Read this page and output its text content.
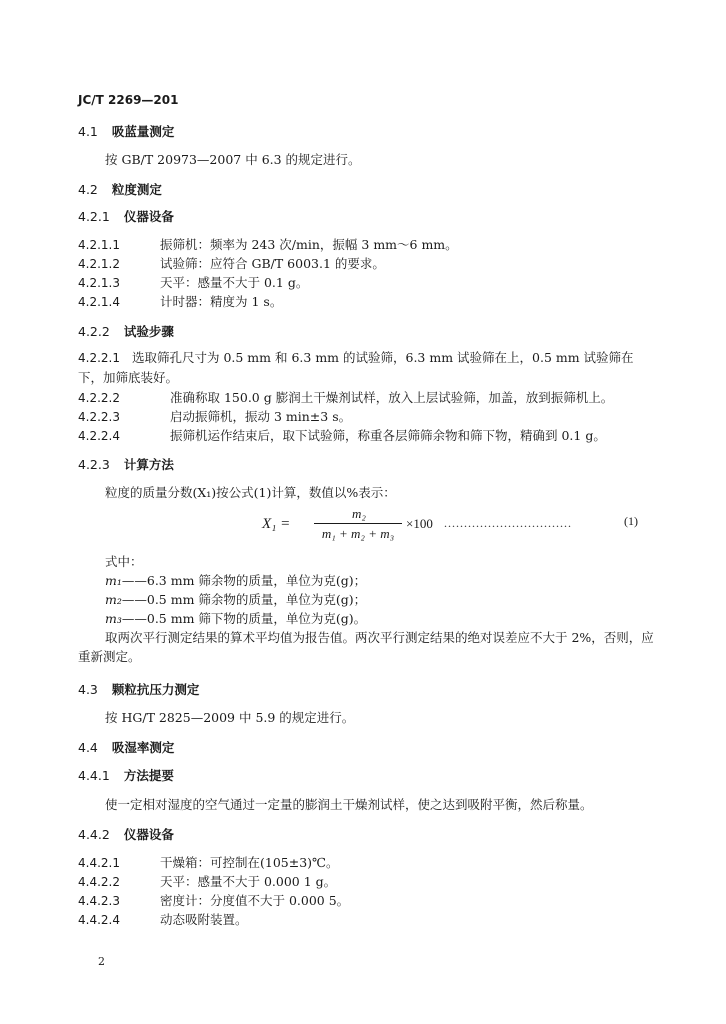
JC/T 2269—201
4.1 吸蓝量测定
按 GB/T 20973—2007 中 6.3 的规定进行。
4.2 粒度测定
4.2.1 仪器设备
4.2.1.1	振筛机：频率为 243 次/min，振幅 3 mm～6 mm。
4.2.1.2	试验筛：应符合 GB/T 6003.1 的要求。
4.2.1.3	天平：感量不大于 0.1 g。
4.2.1.4	计时器：精度为 1 s。
4.2.2 试验步骤
4.2.2.1 选取筛孔尺寸为 0.5 mm 和 6.3 mm 的试验筛，6.3 mm 试验筛在上，0.5 mm 试验筛在下，加筛底装好。
4.2.2.2	准确称取 150.0 g 膨润土干燥剂试样，放入上层试验筛，加盖，放到振筛机上。
4.2.2.3	启动振筛机，振动 3 min±3 s。
4.2.2.4	振筛机运作结束后，取下试验筛，称重各层筛筛余物和筛下物，精确到 0.1 g。
4.2.3 计算方法
粒度的质量分数(X₁)按公式(1)计算，数值以%表示：
X₁ =
m₂
m₁ + m₂ + m₃
×100 ................................	(1)
式中：
m₁——6.3 mm 筛余物的质量，单位为克(g)；
m₂——0.5 mm 筛余物的质量，单位为克(g)；
m₃——0.5 mm 筛下物的质量，单位为克(g)。
取两次平行测定结果的算术平均值为报告值。两次平行测定结果的绝对误差应不大于 2%，否则，应重新测定。
4.3 颗粒抗压力测定
按 HG/T 2825—2009 中 5.9 的规定进行。
4.4 吸湿率测定
4.4.1 方法提要
使一定相对湿度的空气通过一定量的膨润土干燥剂试样，使之达到吸附平衡，然后称量。
4.4.2 仪器设备
4.4.2.1	干燥箱：可控制在(105±3)℃。
4.4.2.2	天平：感量不大于 0.000 1 g。
4.4.2.3	密度计：分度值不大于 0.000 5。
4.4.2.4	动态吸附装置。
2
